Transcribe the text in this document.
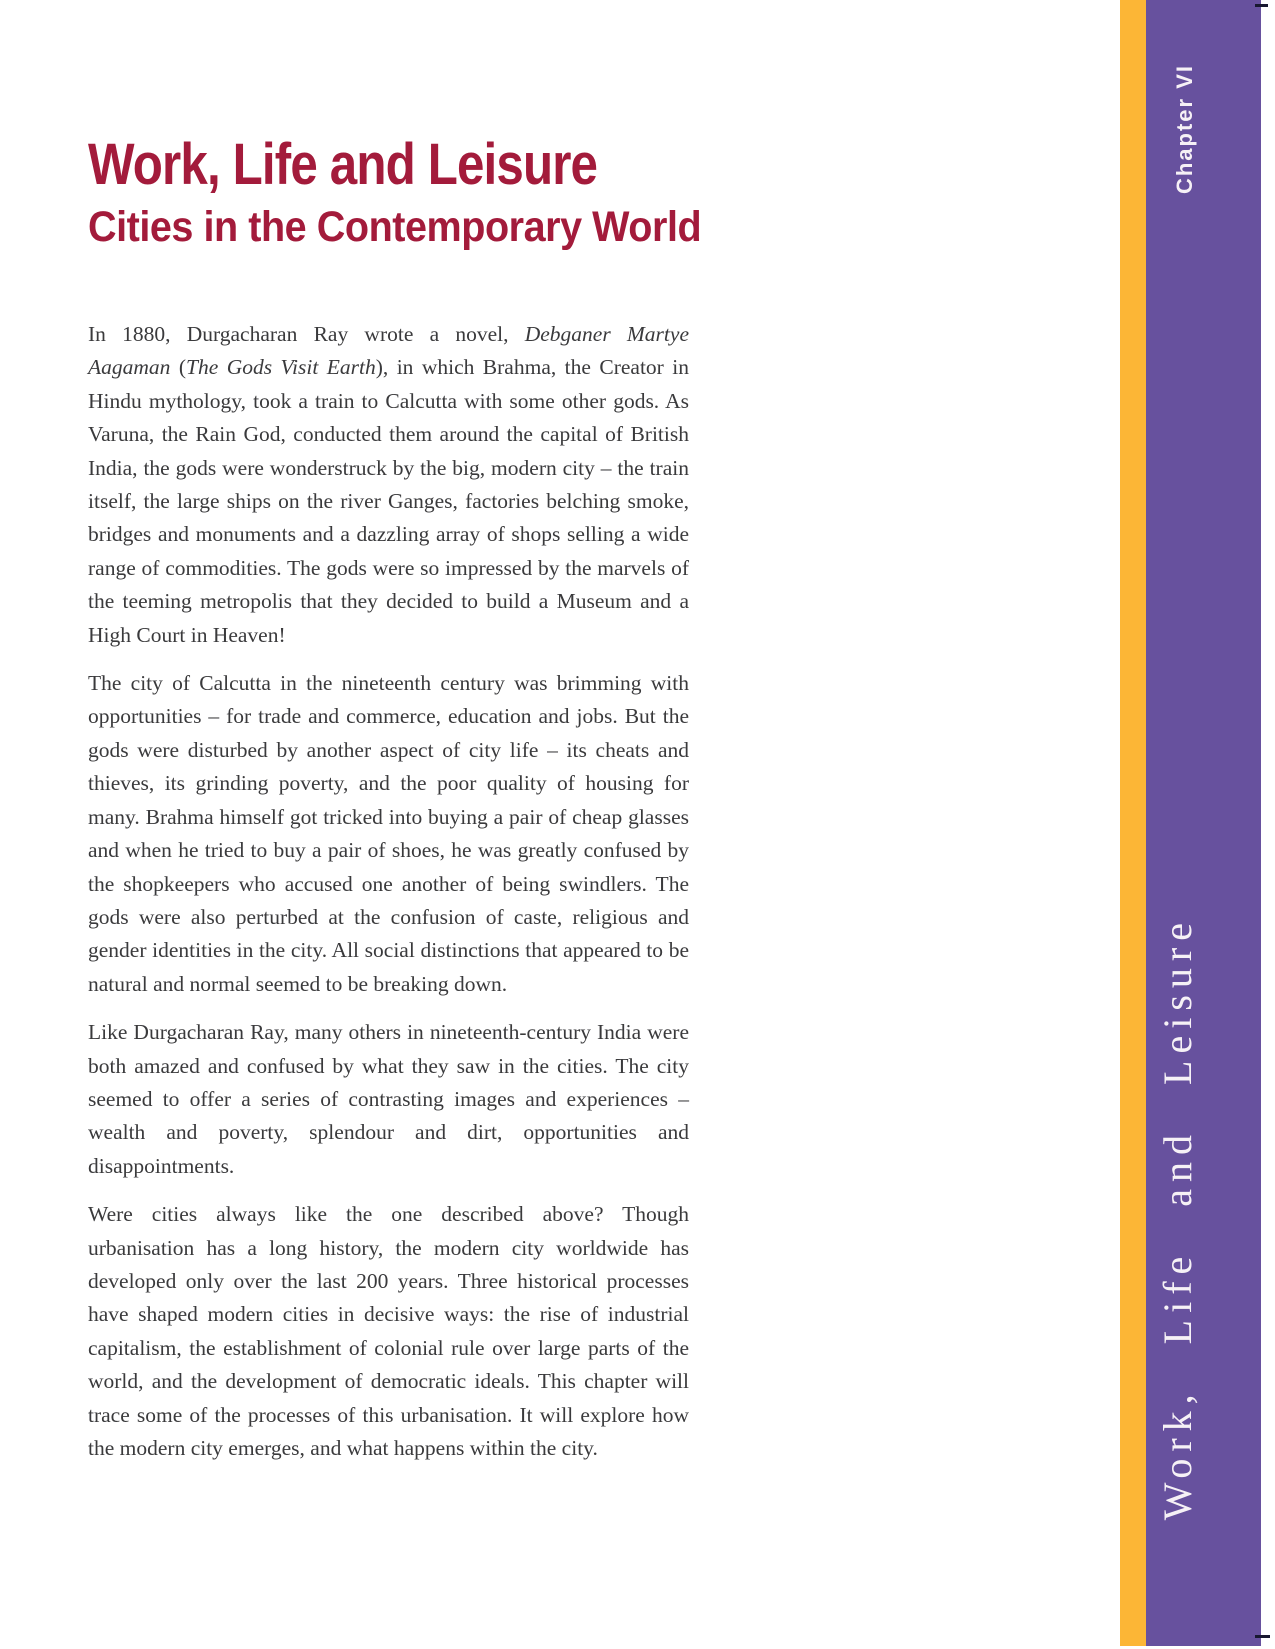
Work, Life and Leisure
Cities in the Contemporary World

In 1880, Durgacharan Ray wrote a novel, Debganer Martye Aagaman (The Gods Visit Earth), in which Brahma, the Creator in Hindu mythology, took a train to Calcutta with some other gods. As Varuna, the Rain God, conducted them around the capital of British India, the gods were wonderstruck by the big, modern city – the train itself, the large ships on the river Ganges, factories belching smoke, bridges and monuments and a dazzling array of shops selling a wide range of commodities. The gods were so impressed by the marvels of the teeming metropolis that they decided to build a Museum and a High Court in Heaven!

The city of Calcutta in the nineteenth century was brimming with opportunities – for trade and commerce, education and jobs. But the gods were disturbed by another aspect of city life – its cheats and thieves, its grinding poverty, and the poor quality of housing for many. Brahma himself got tricked into buying a pair of cheap glasses and when he tried to buy a pair of shoes, he was greatly confused by the shopkeepers who accused one another of being swindlers. The gods were also perturbed at the confusion of caste, religious and gender identities in the city. All social distinctions that appeared to be natural and normal seemed to be breaking down.

Like Durgacharan Ray, many others in nineteenth-century India were both amazed and confused by what they saw in the cities. The city seemed to offer a series of contrasting images and experiences – wealth and poverty, splendour and dirt, opportunities and disappointments.

Were cities always like the one described above? Though urbanisation has a long history, the modern city worldwide has developed only over the last 200 years. Three historical processes have shaped modern cities in decisive ways: the rise of industrial capitalism, the establishment of colonial rule over large parts of the world, and the development of democratic ideals. This chapter will trace some of the processes of this urbanisation. It will explore how the modern city emerges, and what happens within the city.

Chapter VI
Work, Life and Leisure
